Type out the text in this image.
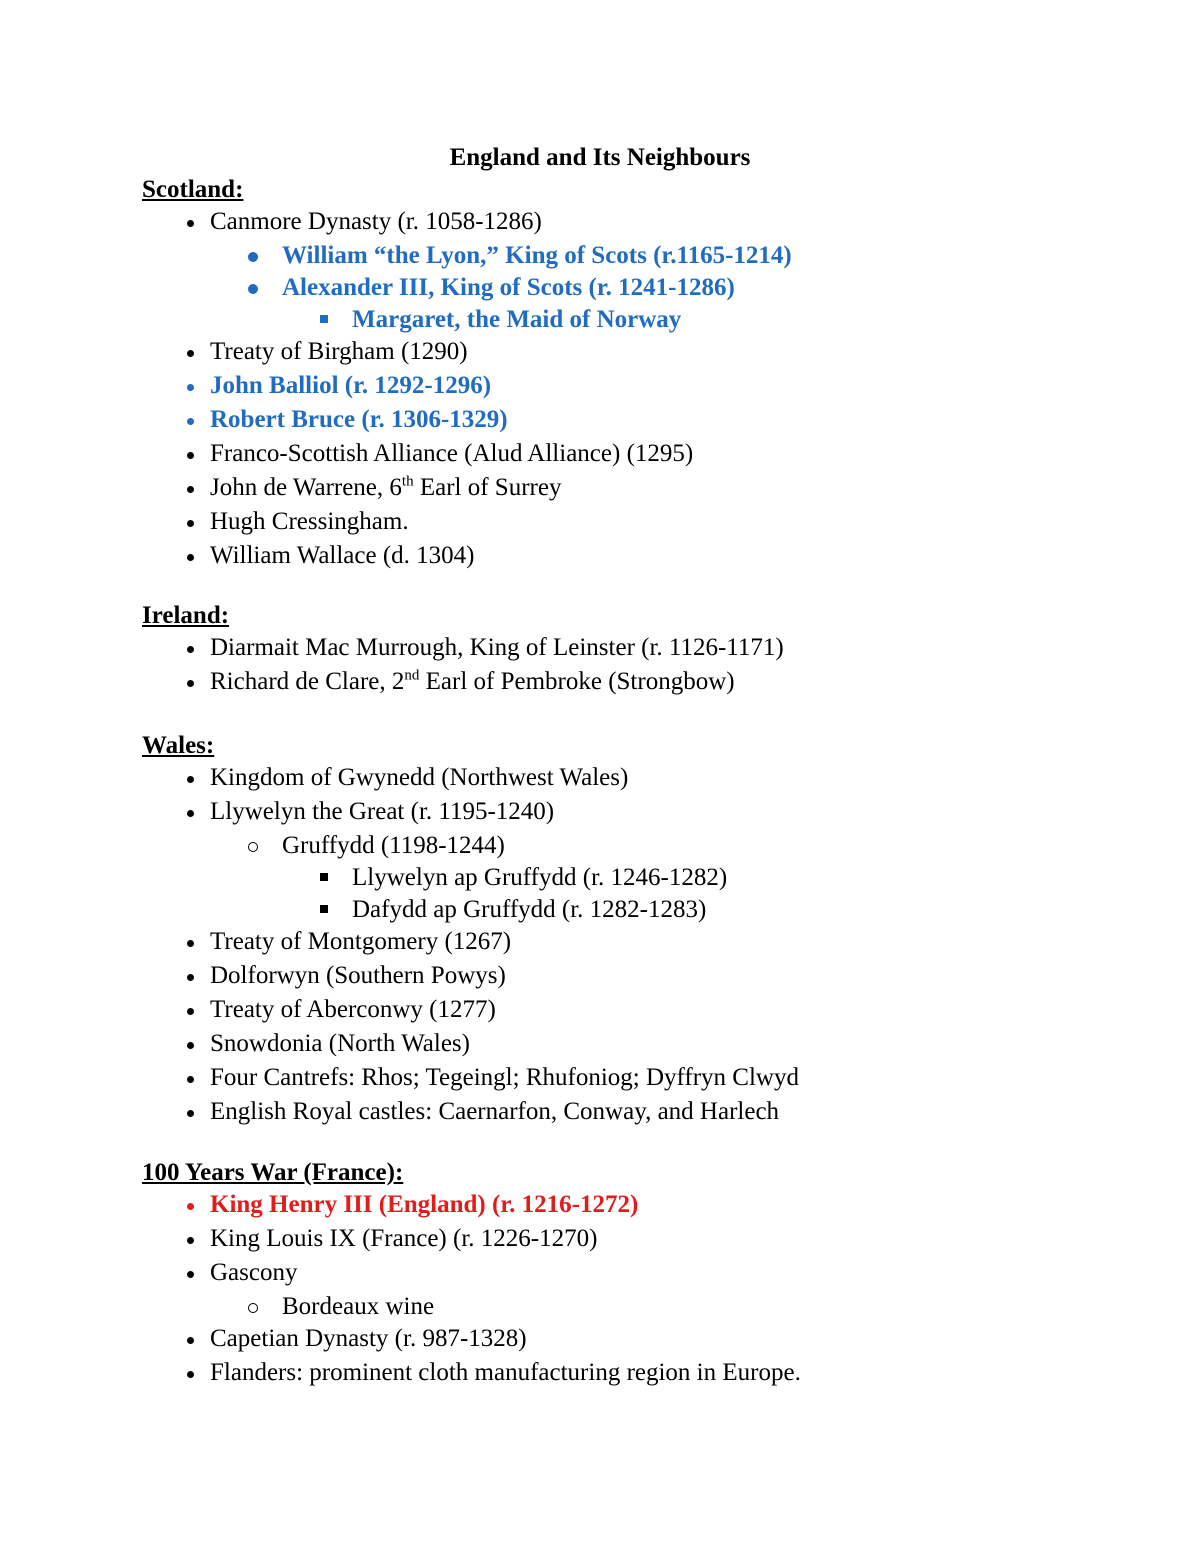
England and Its Neighbours
Scotland:
Canmore Dynasty (r. 1058-1286)
William “the Lyon,” King of Scots (r.1165-1214)
Alexander III, King of Scots (r. 1241-1286)
Margaret, the Maid of Norway
Treaty of Birgham (1290)
John Balliol (r. 1292-1296)
Robert Bruce (r. 1306-1329)
Franco-Scottish Alliance (Alud Alliance) (1295)
John de Warrene, 6th Earl of Surrey
Hugh Cressingham.
William Wallace (d. 1304)
Ireland:
Diarmait Mac Murrough, King of Leinster (r. 1126-1171)
Richard de Clare, 2nd Earl of Pembroke (Strongbow)
Wales:
Kingdom of Gwynedd (Northwest Wales)
Llywelyn the Great (r. 1195-1240)
Gruffydd (1198-1244)
Llywelyn ap Gruffydd (r. 1246-1282)
Dafydd ap Gruffydd (r. 1282-1283)
Treaty of Montgomery (1267)
Dolforwyn (Southern Powys)
Treaty of Aberconwy (1277)
Snowdonia (North Wales)
Four Cantrefs: Rhos; Tegeingl; Rhufoniog; Dyffryn Clwyd
English Royal castles: Caernarfon, Conway, and Harlech
100 Years War (France):
King Henry III (England) (r. 1216-1272)
King Louis IX (France) (r. 1226-1270)
Gascony
Bordeaux wine
Capetian Dynasty (r. 987-1328)
Flanders: prominent cloth manufacturing region in Europe.
